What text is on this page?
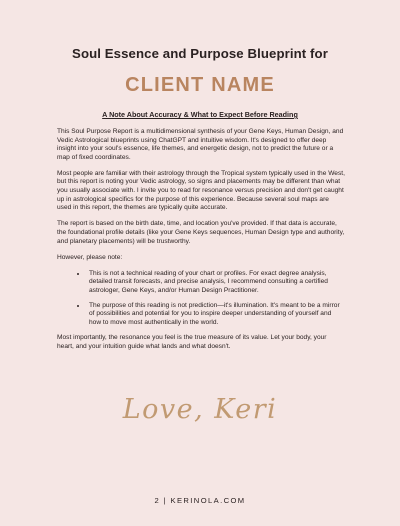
Soul Essence and Purpose Blueprint for
CLIENT NAME
A Note About Accuracy & What to Expect Before Reading

This Soul Purpose Report is a multidimensional synthesis of your Gene Keys, Human Design, and Vedic Astrological blueprints using ChatGPT and intuitive wisdom. It's designed to offer deep insight into your soul's essence, life themes, and energetic design, not to predict the future or a map of fixed coordinates.

Most people are familiar with their astrology through the Tropical system typically used in the West, but this report is noting your Vedic astrology, so signs and placements may be different than what you usually associate with. I invite you to read for resonance versus precision and don't get caught up in astrological specifics for the purpose of this experience. Because several soul maps are used in this report, the themes are typically quite accurate.

The report is based on the birth date, time, and location you've provided. If that data is accurate, the foundational profile details (like your Gene Keys sequences, Human Design type and authority, and planetary placements) will be trustworthy.

However, please note:

• This is not a technical reading of your chart or profiles. For exact degree analysis, detailed transit forecasts, and precise analysis, I recommend consulting a certified astrologer, Gene Keys, and/or Human Design Practitioner.
• The purpose of this reading is not prediction—it's illumination. It's meant to be a mirror of possibilities and potential for you to inspire deeper understanding of yourself and how to move most authentically in the world.

Most importantly, the resonance you feel is the true measure of its value. Let your body, your heart, and your intuition guide what lands and what doesn't.

Love, Keri
2 | KERINOLA.COM
